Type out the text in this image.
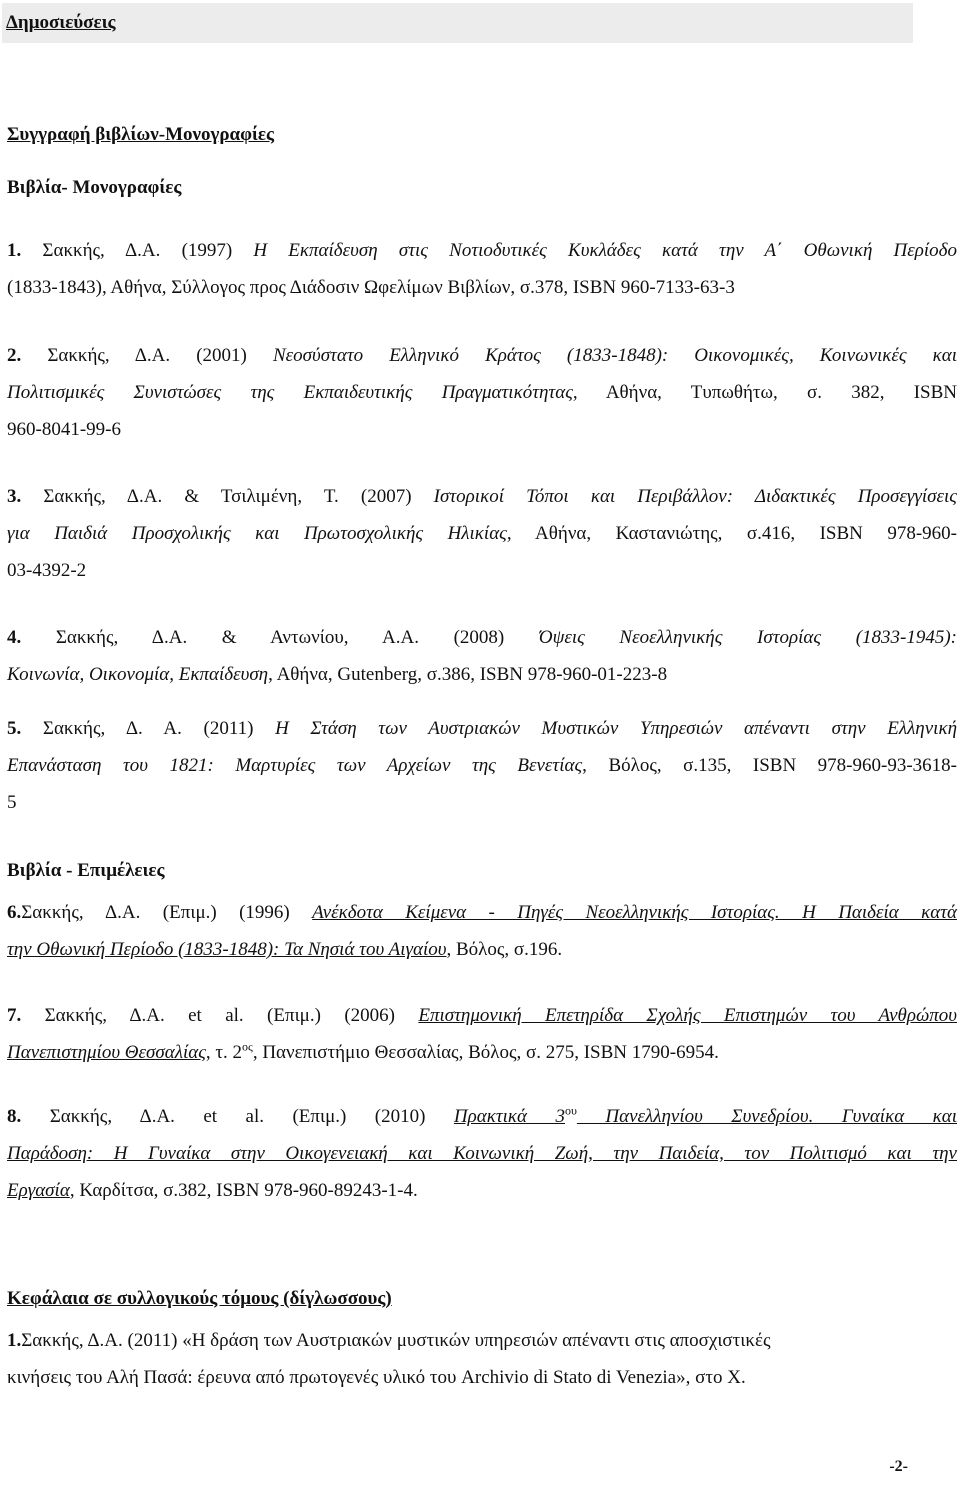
Δημοσιεύσεις
Συγγραφή βιβλίων-Μονογραφίες
Βιβλία- Μονογραφίες
1. Σακκής, Δ.Α. (1997) Η Εκπαίδευση στις Νοτιοδυτικές Κυκλάδες κατά την Α΄ Οθωνική Περίοδο
(1833-1843), Αθήνα, Σύλλογος προς Διάδοσιν Ωφελίμων Βιβλίων, σ.378, ISBN 960-7133-63-3
2. Σακκής, Δ.Α. (2001) Νεοσύστατο Ελληνικό Κράτος (1833-1848): Οικονομικές, Κοινωνικές και
Πολιτισμικές Συνιστώσες της Εκπαιδευτικής Πραγματικότητας, Αθήνα, Τυπωθήτω, σ. 382, ISBN
960-8041-99-6
3. Σακκής, Δ.Α. & Τσιλιμένη, Τ. (2007) Ιστορικοί Τόποι και Περιβάλλον: Διδακτικές Προσεγγίσεις
για Παιδιά Προσχολικής και Πρωτοσχολικής Ηλικίας, Αθήνα, Καστανιώτης, σ.416, ISBN 978-960-
03-4392-2
4. Σακκής, Δ.Α. & Αντωνίου, Α.Α. (2008) Όψεις Νεοελληνικής Ιστορίας (1833-1945):
Κοινωνία, Οικονομία, Εκπαίδευση, Αθήνα, Gutenberg, σ.386, ISBN 978-960-01-223-8
5. Σακκής, Δ. Α. (2011) Η Στάση των Αυστριακών Μυστικών Υπηρεσιών απέναντι στην Ελληνική
Επανάσταση του 1821: Μαρτυρίες των Αρχείων της Βενετίας, Βόλος, σ.135, ISBN 978-960-93-3618-
5
Βιβλία - Επιμέλειες
6.Σακκής, Δ.Α. (Επιμ.) (1996) Ανέκδοτα Κείμενα - Πηγές Νεοελληνικής Ιστορίας. Η Παιδεία κατά
την Οθωνική Περίοδο (1833-1848): Τα Νησιά του Αιγαίου, Βόλος, σ.196.
7. Σακκής, Δ.Α. et al. (Επιμ.) (2006) Επιστημονική Επετηρίδα Σχολής Επιστημών του Ανθρώπου
Πανεπιστημίου Θεσσαλίας, τ. $2^{o\varsigma}$, Πανεπιστήμιο Θεσσαλίας, Βόλος, σ. 275, ISBN 1790-6954.
8. Σακκής, Δ.Α. et al. (Επιμ.) (2010) Πρακτικά $3^{o\upsilon}$ Πανελληνίου Συνεδρίου. Γυναίκα και
Παράδοση: Η Γυναίκα στην Οικογενειακή και Κοινωνική Ζωή, την Παιδεία, τον Πολιτισμό και την
Εργασία, Καρδίτσα, σ.382, ISBN 978-960-89243-1-4.
Κεφάλαια σε συλλογικούς τόμους (δίγλωσσους)
1.Σακκής, Δ.Α. (2011) «Η δράση των Αυστριακών μυστικών υπηρεσιών απέναντι στις αποσχιστικές
κινήσεις του Αλή Πασά: έρευνα από πρωτογενές υλικό του Archivio di Stato di Venezia», στο Χ.
-2-
